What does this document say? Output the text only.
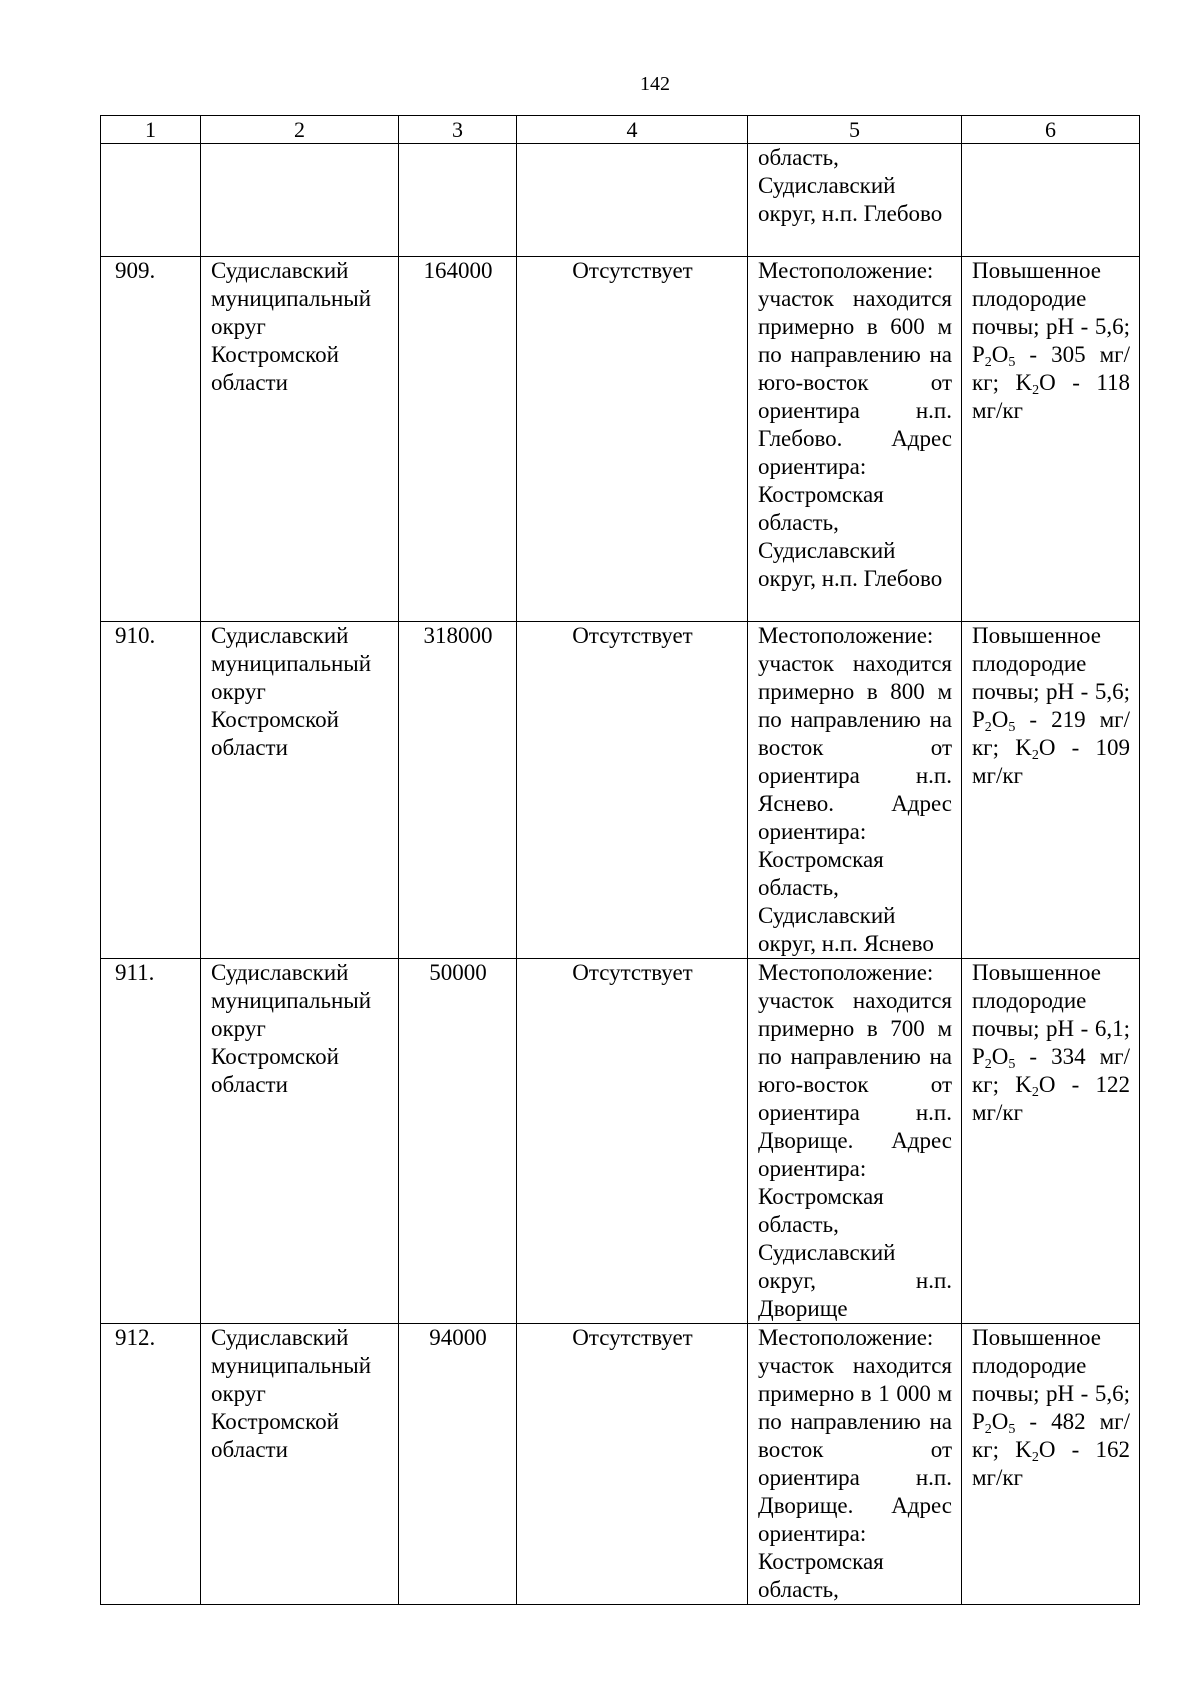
142
1	2	3	4	5	6
				область, Судиславский округ, н.п. Глебово	
909.	Судиславский муниципальный округ Костромской области	164000	Отсутствует	Местоположение: участок находится примерно в 600 м по направлению на юго-восток от ориентира н.п. Глебово. Адрес ориентира: Костромская область, Судиславский округ, н.п. Глебово	Повышенное плодородие почвы; pH - 5,6; $P_2O_5 - 305$ мг/кг; $K_2O - 118$ мг/кг
910.	Судиславский муниципальный округ Костромской области	318000	Отсутствует	Местоположение: участок находится примерно в 800 м по направлению на восток от ориентира н.п. Яснево. Адрес ориентира: Костромская область, Судиславский округ, н.п. Яснево	Повышенное плодородие почвы; pH - 5,6; $P_2O_5 - 219$ мг/кг; $K_2O - 109$ мг/кг
911.	Судиславский муниципальный округ Костромской области	50000	Отсутствует	Местоположение: участок находится примерно в 700 м по направлению на юго-восток от ориентира н.п. Дворище. Адрес ориентира: Костромская область, Судиславский округ, н.п. Дворище	Повышенное плодородие почвы; pH - 6,1; $P_2O_5 - 334$ мг/кг; $K_2O - 122$ мг/кг
912.	Судиславский муниципальный округ Костромской области	94000	Отсутствует	Местоположение: участок находится примерно в 1 000 м по направлению на восток от ориентира н.п. Дворище. Адрес ориентира: Костромская область,	Повышенное плодородие почвы; pH - 5,6; $P_2O_5 - 482$ мг/кг; $K_2O - 162$ мг/кг
